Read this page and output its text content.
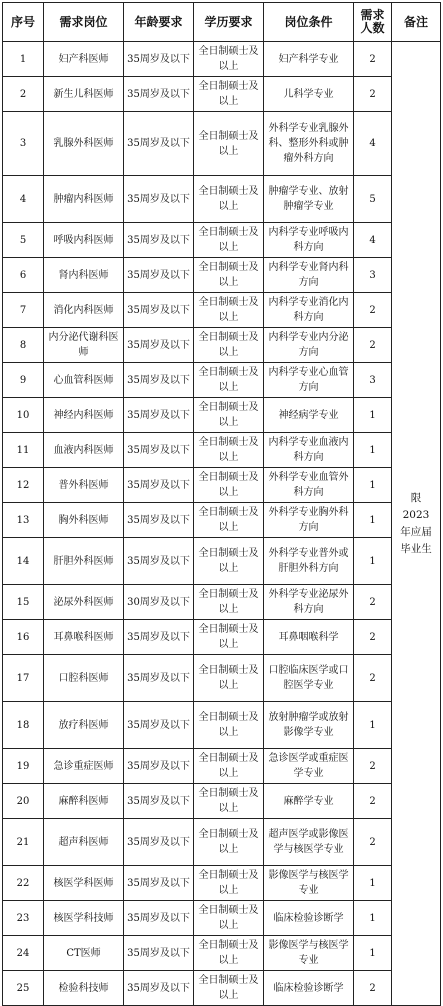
序号	需求岗位	年龄要求	学历要求	岗位条件	需求人数	备注
1	妇产科医师	35周岁及以下	全日制硕士及以上	妇产科学专业	2	限2023年应届毕业生
2	新生儿科医师	35周岁及以下	全日制硕士及以上	儿科学专业	2	
3	乳腺外科医师	35周岁及以下	全日制硕士及以上	外科学专业乳腺外科、整形外科或肿瘤外科方向	4	
4	肿瘤内科医师	35周岁及以下	全日制硕士及以上	肿瘤学专业、放射肿瘤学专业	5	
5	呼吸内科医师	35周岁及以下	全日制硕士及以上	内科学专业呼吸内科方向	4	
6	肾内科医师	35周岁及以下	全日制硕士及以上	内科学专业肾内科方向	3	
7	消化内科医师	35周岁及以下	全日制硕士及以上	内科学专业消化内科方向	2	
8	内分泌代谢科医师	35周岁及以下	全日制硕士及以上	内科学专业内分泌方向	2	
9	心血管科医师	35周岁及以下	全日制硕士及以上	内科学专业心血管方向	3	
10	神经内科医师	35周岁及以下	全日制硕士及以上	神经病学专业	1	
11	血液内科医师	35周岁及以下	全日制硕士及以上	内科学专业血液内科方向	1	
12	普外科医师	35周岁及以下	全日制硕士及以上	外科学专业血管外科方向	1	
13	胸外科医师	35周岁及以下	全日制硕士及以上	外科学专业胸外科方向	1	
14	肝胆外科医师	35周岁及以下	全日制硕士及以上	外科学专业普外或肝胆外科方向	1	
15	泌尿外科医师	30周岁及以下	全日制硕士及以上	外科学专业泌尿外科方向	2	
16	耳鼻喉科医师	35周岁及以下	全日制硕士及以上	耳鼻咽喉科学	2	
17	口腔科医师	35周岁及以下	全日制硕士及以上	口腔临床医学或口腔医学专业	2	
18	放疗科医师	35周岁及以下	全日制硕士及以上	放射肿瘤学或放射影像学专业	1	
19	急诊重症医师	35周岁及以下	全日制硕士及以上	急诊医学或重症医学专业	2	
20	麻醉科医师	35周岁及以下	全日制硕士及以上	麻醉学专业	2	
21	超声科医师	35周岁及以下	全日制硕士及以上	超声医学或影像医学与核医学专业	2	
22	核医学科医师	35周岁及以下	全日制硕士及以上	影像医学与核医学专业	1	
23	核医学科技师	35周岁及以下	全日制硕士及以上	临床检验诊断学	1	
24	CT医师	35周岁及以下	全日制硕士及以上	影像医学与核医学专业	1	
25	检验科技师	35周岁及以下	全日制硕士及以上	临床检验诊断学	2	
